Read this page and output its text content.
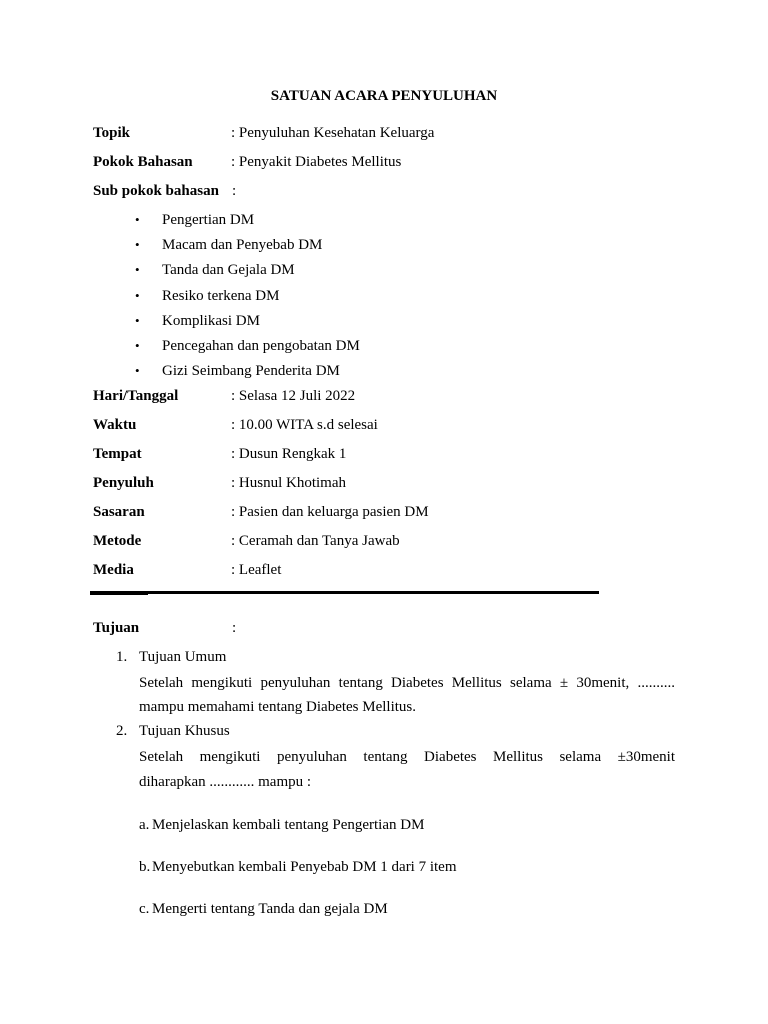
SATUAN ACARA PENYULUHAN
Topik	: Penyuluhan Kesehatan Keluarga
Pokok Bahasan	: Penyakit Diabetes Mellitus
Sub pokok bahasan :
• Pengertian DM
• Macam dan Penyebab DM
• Tanda dan Gejala DM
• Resiko terkena DM
• Komplikasi DM
• Pencegahan dan pengobatan DM
• Gizi Seimbang Penderita DM
Hari/Tanggal	: Selasa 12 Juli 2022
Waktu	: 10.00 WITA s.d selesai
Tempat	: Dusun Rengkak 1
Penyuluh	: Husnul Khotimah
Sasaran	: Pasien dan keluarga pasien DM
Metode	: Ceramah dan Tanya Jawab
Media	: Leaflet
Tujuan	:
1. Tujuan Umum
Setelah mengikuti penyuluhan tentang Diabetes Mellitus selama ± 30menit, ..........
mampu memahami tentang Diabetes Mellitus.
2. Tujuan Khusus
Setelah mengikuti penyuluhan tentang Diabetes Mellitus selama ±30menit
diharapkan ............ mampu :
a. Menjelaskan kembali tentang Pengertian DM
b. Menyebutkan kembali Penyebab DM 1 dari 7 item
c. Mengerti tentang Tanda dan gejala DM
